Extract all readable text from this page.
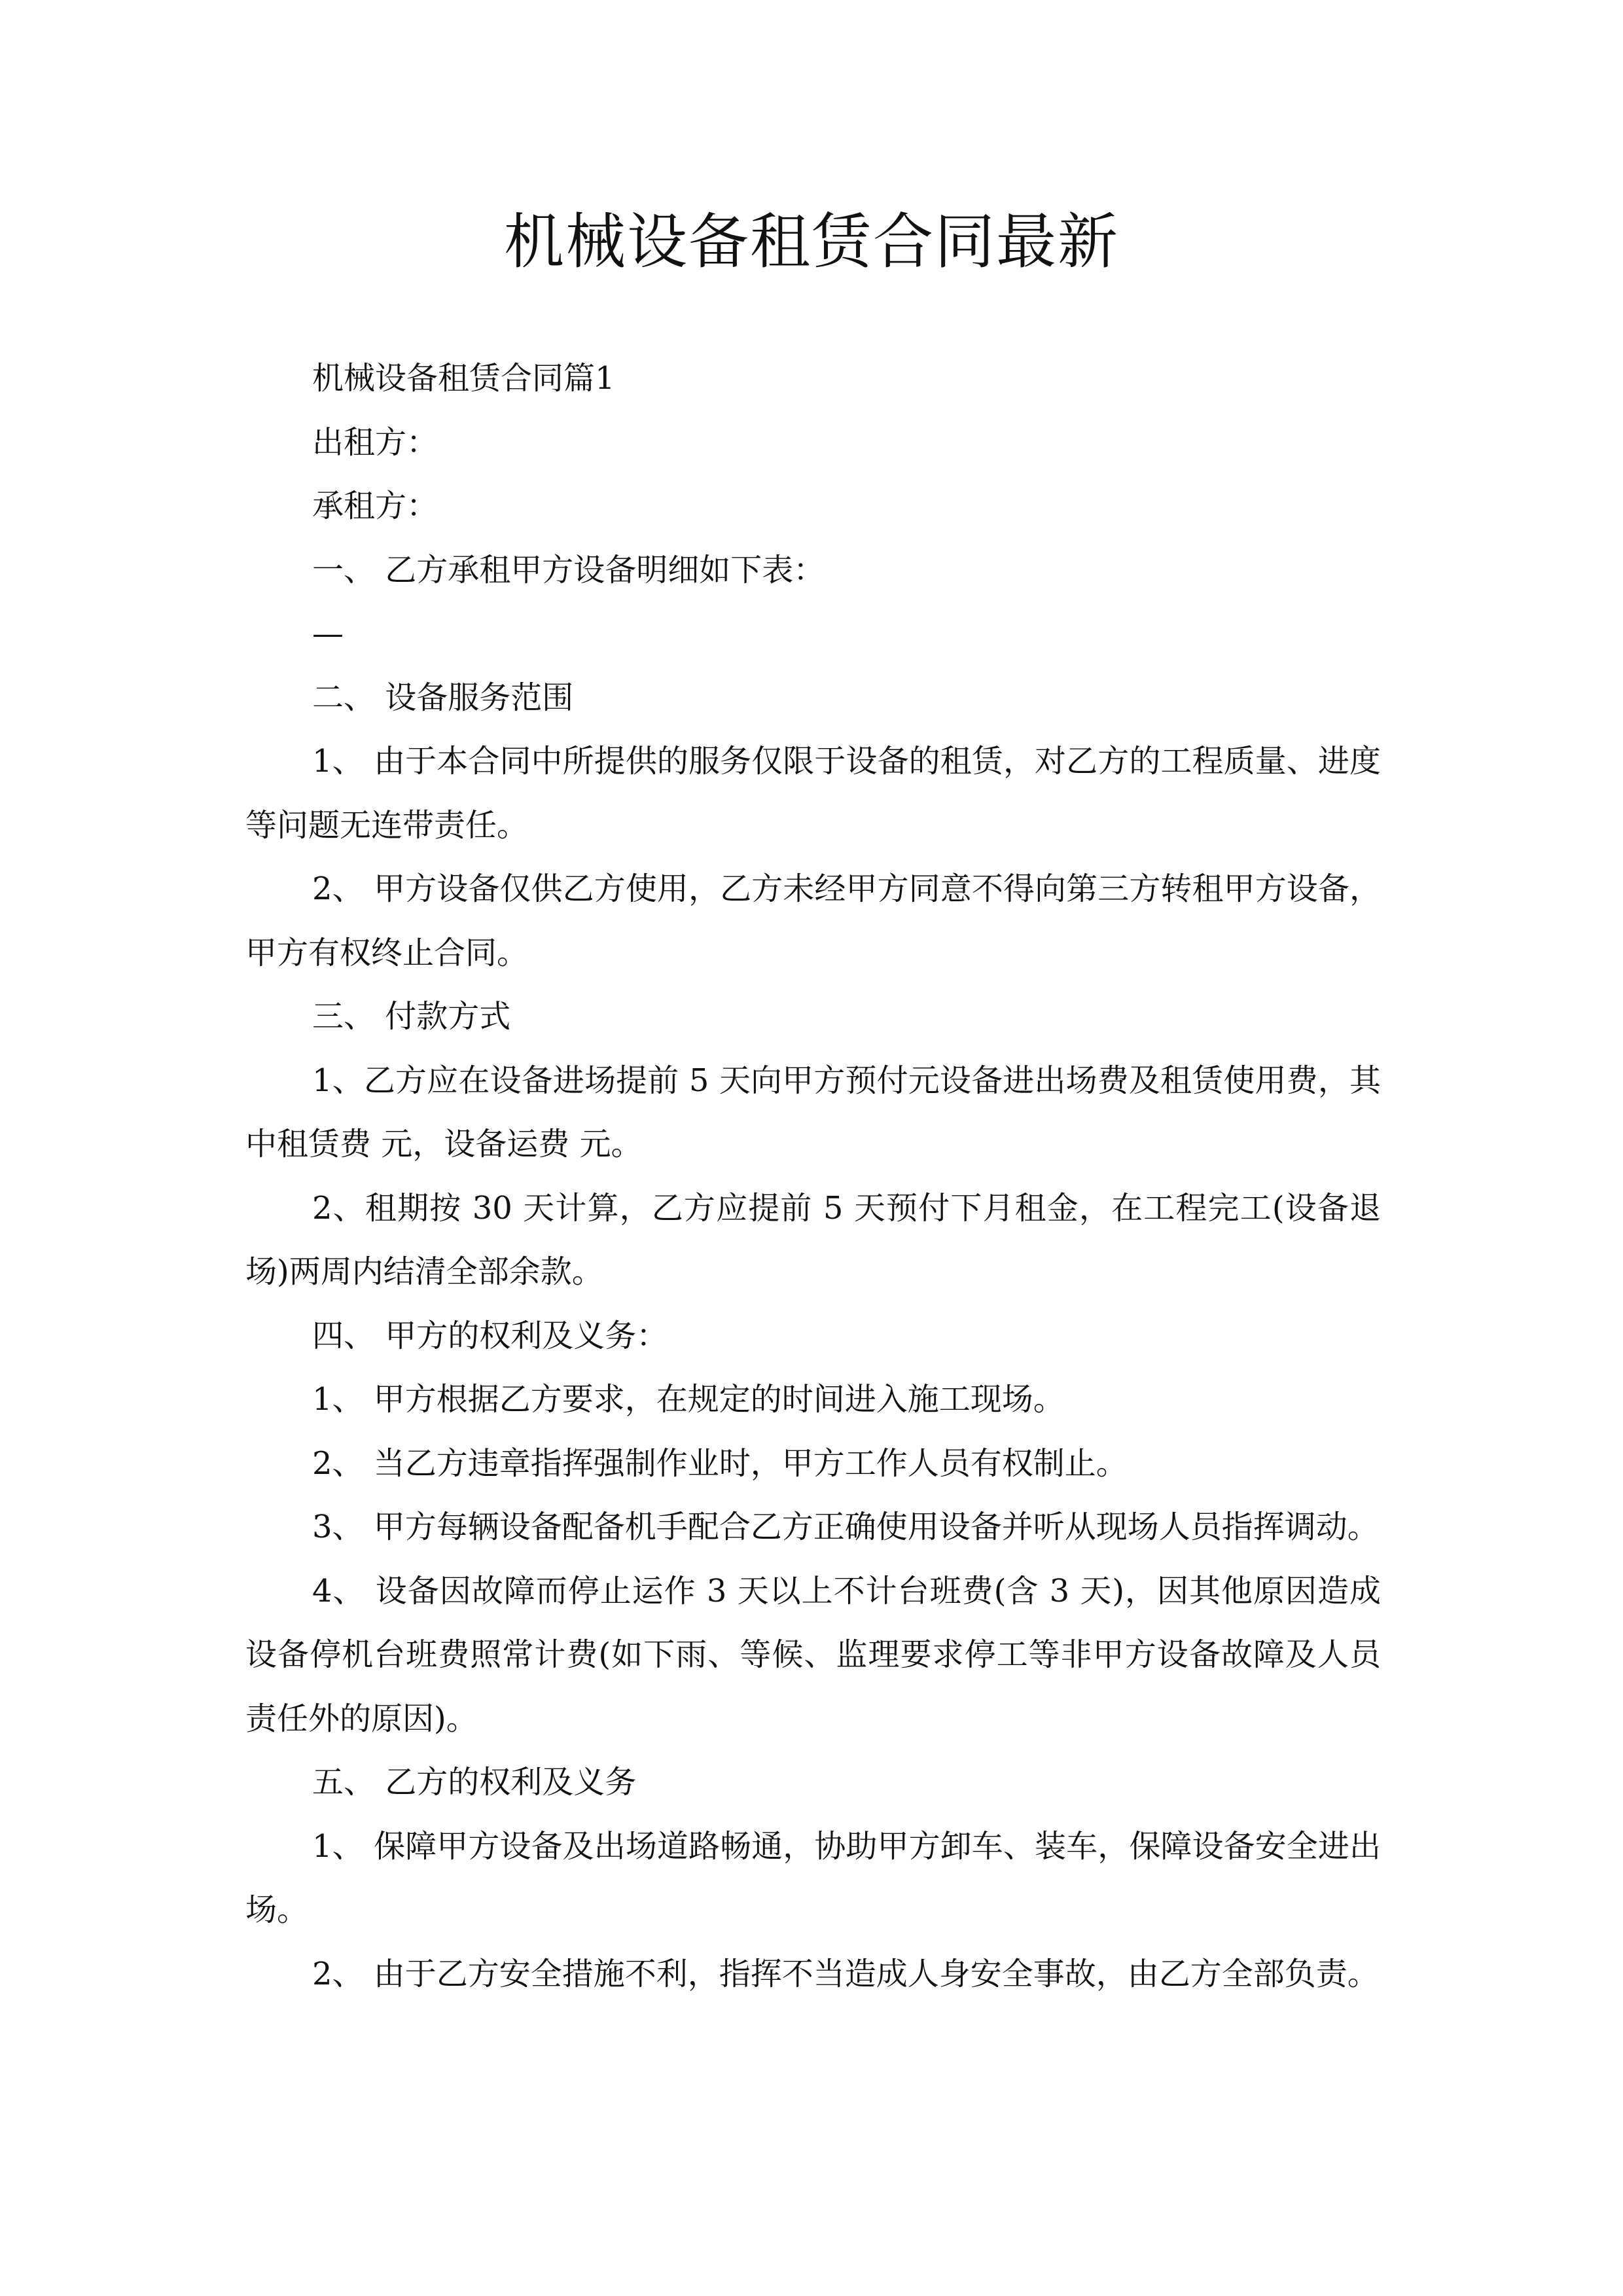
机械设备租赁合同最新

机械设备租赁合同篇1

出租方：

承租方：

一、 乙方承租甲方设备明细如下表：

—

二、 设备服务范围

1、 由于本合同中所提供的服务仅限于设备的租赁，对乙方的工程质量、进度等问题无连带责任。

2、 甲方设备仅供乙方使用，乙方未经甲方同意不得向第三方转租甲方设备，甲方有权终止合同。

三、 付款方式

1、乙方应在设备进场提前 5 天向甲方预付元设备进出场费及租赁使用费，其中租赁费 元，设备运费 元。

2、租期按 30 天计算，乙方应提前 5 天预付下月租金，在工程完工(设备退场)两周内结清全部余款。

四、 甲方的权利及义务：

1、 甲方根据乙方要求，在规定的时间进入施工现场。

2、 当乙方违章指挥强制作业时，甲方工作人员有权制止。

3、 甲方每辆设备配备机手配合乙方正确使用设备并听从现场人员指挥调动。

4、 设备因故障而停止运作 3 天以上不计台班费(含 3 天)，因其他原因造成设备停机台班费照常计费(如下雨、等候、监理要求停工等非甲方设备故障及人员责任外的原因)。

五、 乙方的权利及义务

1、 保障甲方设备及出场道路畅通，协助甲方卸车、装车，保障设备安全进出场。

2、 由于乙方安全措施不利，指挥不当造成人身安全事故，由乙方全部负责。
